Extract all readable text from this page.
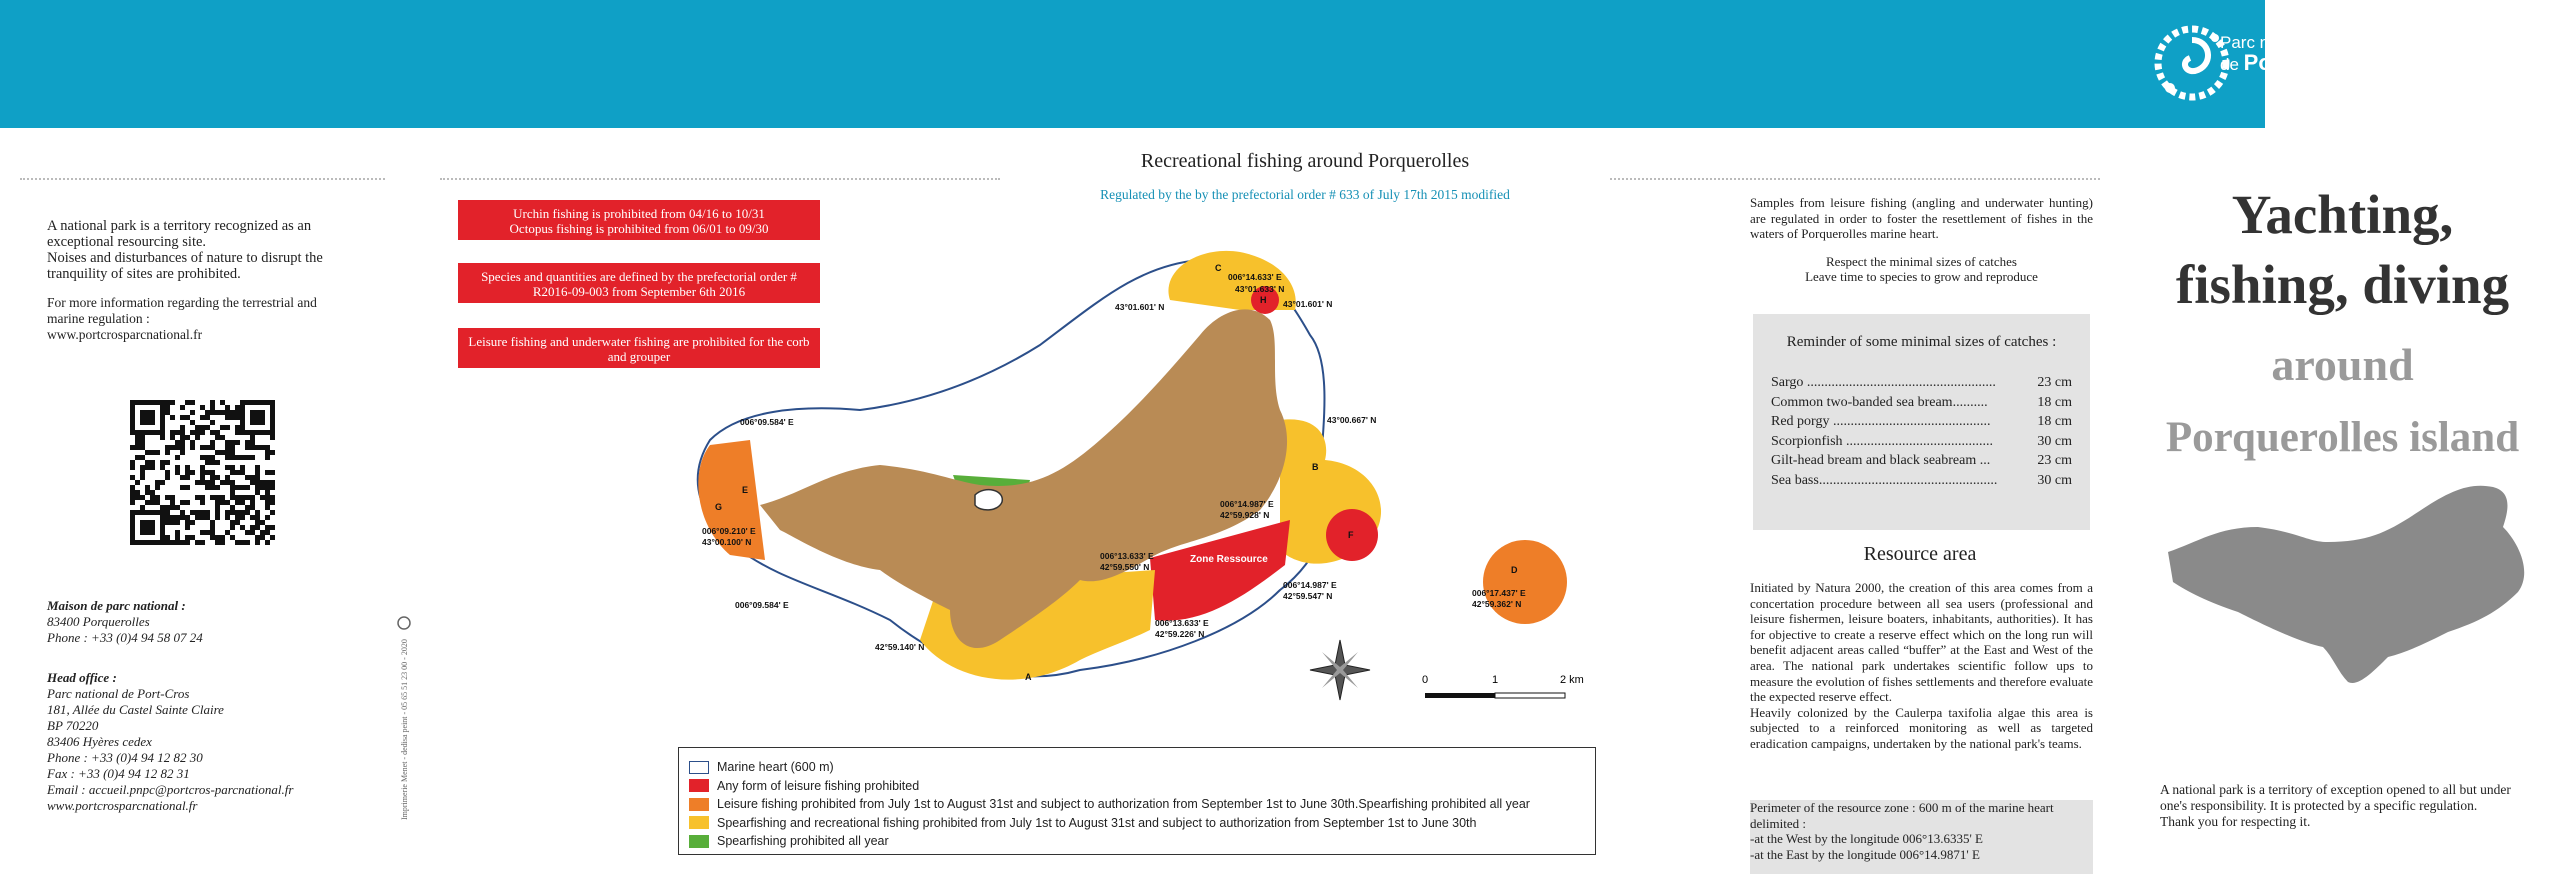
Parc national
de Port-Cros
A national park is a territory recognized as an exceptional resourcing site.
Noises and disturbances of nature to disrupt the tranquility of sites are prohibited.
For more information regarding the terrestrial and marine regulation :
www.portcrosparcnational.fr
Maison de parc national :
83400 Porquerolles
Phone : +33 (0)4 94 58 07 24
Head office :
Parc national de Port-Cros
181, Allée du Castel Sainte Claire
BP 70220
83406 Hyères cedex
Phone : +33 (0)4 94 12 82 30
Fax : +33 (0)4 94 12 82 31
Email : accueil.pnpc@portcros-parcnational.fr
www.portcrosparcnational.fr	Imprimerie Menet - dedisa peint - 05 65 51 23 00 - 2020
Recreational fishing around Porquerolles
Regulated by the by the prefectorial order # 633 of July 17th 2015 modified
Urchin fishing is prohibited from 04/16 to 10/31
Octopus fishing is prohibited from 06/01 to 09/30
Species and quantities are defined by the prefectorial order # R2016-09-003 from September 6th 2016
Leisure fishing and underwater fishing are prohibited for the corb and grouper
006°14.633' E
43°01.633' N
43°01.601' N	43°01.601' N
43°00.667' N
006°14.987' E
42°59.928' N
006°13.633' E
42°59.550' N
006°14.987' E
42°59.547' N
006°13.633' E
42°59.226' N
42°59.140' N
006°09.584' E
006°09.210' E
43°00.100' N
006°09.584' E
006°17.437' E
42°59.362' N
Zone Ressource
A
B
C
D
E
F
G
H
0	1	2 km
Marine heart (600 m)
Any form of leisure fishing prohibited
Leisure fishing prohibited from July 1st to August 31st and subject to authorization from September 1st to June 30th.Spearfishing prohibited all year
Spearfishing and recreational fishing prohibited from July 1st to August 31st and subject to authorization from September 1st to June 30th
Spearfishing prohibited all year
Samples from leisure fishing (angling and underwater hunting) are regulated in order to foster the resettlement of fishes in the waters of Porquerolles marine heart.
Respect the minimal sizes of catches
Leave time to species to grow and reproduce
Reminder of some minimal sizes of catches :
Sargo ......................................................	23 cm
Common two-banded sea bream..........	18 cm
Red porgy .............................................	18 cm
Scorpionfish ..........................................	30 cm
Gilt-head bream and black seabream ...	23 cm
Sea bass...................................................	30 cm
Resource area
Initiated by Natura 2000, the creation of this area comes from a concertation procedure between all sea users (professional and leisure fishermen, leisure boaters, inhabitants, authorities). It has for objective to create a reserve effect which on the long run will benefit adjacent areas called “buffer” at the East and West of the area. The national park undertakes scientific follow ups to measure the evolution of fishes settlements and therefore evaluate the expected reserve effect.
Heavily colonized by the Caulerpa taxifolia algae this area is subjected to a reinforced monitoring as well as targeted eradication campaigns, undertaken by the national park's teams.
Perimeter of the resource zone : 600 m of the marine heart delimited :
-at the West by the longitude 006°13.6335' E
-at the East by the longitude 006°14.9871' E
Yachting,
fishing, diving
around
Porquerolles island
A national park is a territory of exception opened to all but under one's responsibility. It is protected by a specific regulation.
Thank you for respecting it.
